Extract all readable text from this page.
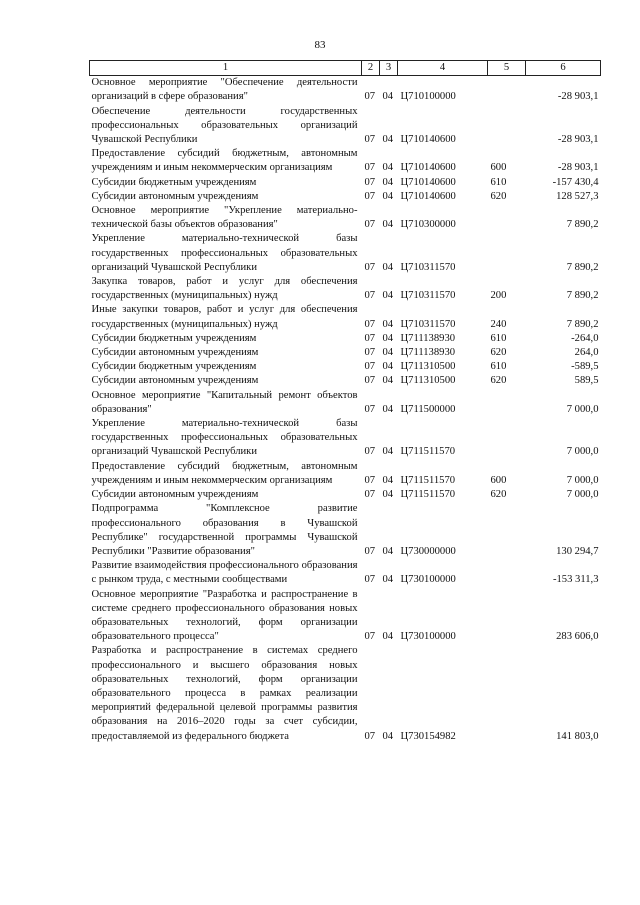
83
1	2	3	4	5	6
Основное мероприятие "Обеспечение деятельности организаций в сфере образования"	07	04	Ц710100000		-28 903,1
Обеспечение деятельности государственных профессиональных образовательных организаций Чувашской Республики	07	04	Ц710140600		-28 903,1
Предоставление субсидий бюджетным, автономным учреждениям и иным некоммерческим организациям	07	04	Ц710140600	600	-28 903,1
Субсидии бюджетным учреждениям	07	04	Ц710140600	610	-157 430,4
Субсидии автономным учреждениям	07	04	Ц710140600	620	128 527,3
Основное мероприятие "Укрепление материально-технической базы объектов образования"	07	04	Ц710300000		7 890,2
Укрепление материально-технической базы государственных профессиональных образовательных организаций Чувашской Республики	07	04	Ц710311570		7 890,2
Закупка товаров, работ и услуг для обеспечения государственных (муниципальных) нужд	07	04	Ц710311570	200	7 890,2
Иные закупки товаров, работ и услуг для обеспечения государственных (муниципальных) нужд	07	04	Ц710311570	240	7 890,2
Субсидии бюджетным учреждениям	07	04	Ц711138930	610	-264,0
Субсидии автономным учреждениям	07	04	Ц711138930	620	264,0
Субсидии бюджетным учреждениям	07	04	Ц711310500	610	-589,5
Субсидии автономным учреждениям	07	04	Ц711310500	620	589,5
Основное мероприятие "Капитальный ремонт объектов образования"	07	04	Ц711500000		7 000,0
Укрепление материально-технической базы государственных профессиональных образовательных организаций Чувашской Республики	07	04	Ц711511570		7 000,0
Предоставление субсидий бюджетным, автономным учреждениям и иным некоммерческим организациям	07	04	Ц711511570	600	7 000,0
Субсидии автономным учреждениям	07	04	Ц711511570	620	7 000,0
Подпрограмма "Комплексное развитие профессионального образования в Чувашской Республике" государственной программы Чувашской Республики "Развитие образования"	07	04	Ц730000000		130 294,7
Развитие взаимодействия профессионального образования с рынком труда, с местными сообществами	07	04	Ц730100000		-153 311,3
Основное мероприятие "Разработка и распространение в системе среднего профессионального образования новых образовательных технологий, форм организации образовательного процесса"	07	04	Ц730100000		283 606,0
Разработка и распространение в системах среднего профессионального и высшего образования новых образовательных технологий, форм организации образовательного процесса в рамках реализации мероприятий федеральной целевой программы развития образования на 2016–2020 годы за счет субсидии, предоставляемой из федерального бюджета	07	04	Ц730154982		141 803,0
